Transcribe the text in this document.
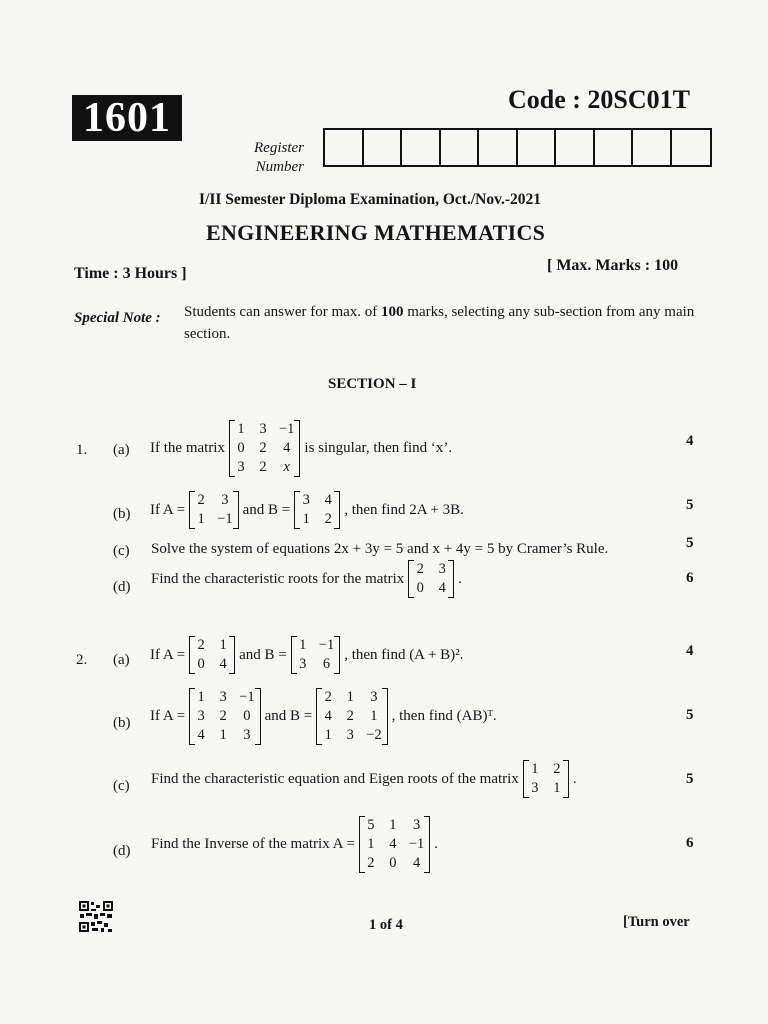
1601	Code : 20SC01T
Register
Number
I/II Semester Diploma Examination, Oct./Nov.-2021
ENGINEERING MATHEMATICS
Time : 3 Hours ]	[ Max. Marks : 100
Special Note : Students can answer for max. of 100 marks, selecting any sub-section from any main section.
SECTION – I
1. (a) If the matrix
1 3 −1
0 2 4
3 2	x
is singular, then find ‘x’.	4
(b) If A =
2 3
1 −1
and B =
3 4
1 2
, then find 2A + 3B.	5
(c) Solve the system of equations 2x + 3y = 5 and x + 4y = 5 by Cramer’s Rule.	5
(d)
Find the characteristic roots for the matrix
2 3
0 4
.	6
2. (a) If A =
2 1
0 4
and B =
1 −1
3 6
, then find (A + B)².	4
(b) If A =
1 3 −1
3 2 0
4 1 3
and B =
2 1 3
4 2 1
1 3 −2
, then find (AB)ᵀ.	5
(c) Find the characteristic equation and Eigen roots of the matrix
1 2
3 1
.	5
(d) Find the Inverse of the matrix A =
5 1 3
1 4 −1
2 0 4
.	6
1 of 4	[Turn over
